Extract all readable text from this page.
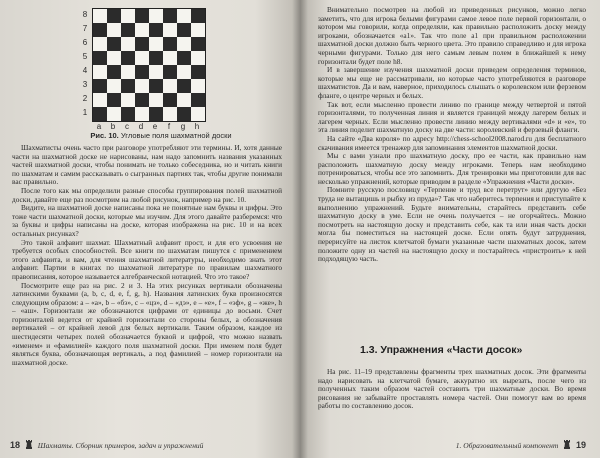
8
7
6
5
4
3
2
1
a	b	c	d	e	f	g	h
Рис. 10. Угловые поля шахматной доски

Шахматисты очень часто при разговоре употребляют эти термины. И, хотя данные части на шахматной доске не нарисованы, нам надо запомнить названия указанных частей шахматной доски, чтобы понимать не только собеседника, но и читать книги по шахматам и самим рассказывать о сыгранных партиях так, чтобы другие понимали вас правильно.

После того как мы определили разные способы группирования полей шахматной доски, давайте еще раз посмотрим на любой рисунок, например на рис. 10.

Видите, на шахматной доске написаны пока не понятные нам буквы и цифры. Это тоже части шахматной доски, которые мы изучим. Для этого давайте разберемся: что за буквы и цифры написаны на доске, которая изображена на рис. 10 и на всех остальных рисунках?

Это такой алфавит шахмат. Шахматный алфавит прост, и для его усвоения не требуется особых способностей. Все книги по шахматам пишутся с применением этого алфавита, и вам, для чтения шахматной литературы, необходимо знать этот алфавит. Партии в книгах по шахматной литературе по правилам шахматного правописания, которое называется алгебраической нотацией. Что это такое?

Посмотрите еще раз на рис. 2 и 3. На этих рисунках вертикали обозначены латинскими буквами (a, b, c, d, e, f, g, h). Названия латинских букв произносятся следующим образом: a – «а», b – «бэ», c – «цэ», d – «дэ», e – «е», f – «эф», g – «же», h – «аш». Горизонтали же обозначаются цифрами от единицы до восьми. Счет горизонталей ведется от крайней горизонтали со стороны белых, а обозначения вертикалей – от крайней левой для белых вертикали. Таким образом, каждое из шестидесяти четырех полей обозначается буквой и цифрой, что можно назвать «именем» и «фамилией» каждого поля шахматной доски. При именем поля будет являться буква, обозначающая вертикаль, а под фамилией – номер горизонтали на шахматной доске.

18 Шахматы. Сборник примеров, задач и упражнений

Внимательно посмотрев на любой из приведенных рисунков, можно легко заметить, что для игрока белыми фигурами самое левое поле первой горизонтали, о котором мы говорили, когда определяли, как правильно расположить доску между игроками, обозначается «a1». Так что поле a1 при правильном расположении шахматной доски должно быть черного цвета. Это правило справедливо и для игрока черными фигурами. Только для него самым левым полем в ближайшей к нему горизонтали будет поле h8.

И в завершение изучения шахматной доски приведем определения терминов, которые мы еще не рассматривали, но которые часто употребляются в разговоре шахматистов. Да и вам, наверное, приходилось слышать о королевском или ферзевом фланге, о центре черных и белых.

Так вот, если мысленно провести линию по границе между четвертой и пятой горизонталями, то полученная линия и является границей между лагерем белых и лагерем черных. Если мысленно провести линию между вертикалями «d» и «e», то эта линия поделит шахматную доску на две части: королевский и ферзевый фланги.

На сайте «Два короля» по адресу http://chess-school2008.narod.ru для бесплатного скачивания имеется тренажер для запоминания элементов шахматной доски.

Мы с вами узнали про шахматную доску, про ее части, как правильно нам расположить шахматную доску между игроками. Теперь нам необходимо потренироваться, чтобы все это запомнить. Для тренировки мы приготовили для вас несколько упражнений, которые приводим в разделе «Упражнения «Части доски».

Помните русскую пословицу «Терпение и труд все перетрут» или другую «Без труда не вытащишь и рыбку из пруда»? Так что наберитесь терпения и приступайте к выполнению упражнений. Будьте внимательны, старайтесь представить себе шахматную доску в уме. Если не очень получается – не огорчайтесь. Можно посмотреть на настоящую доску и представить себе, как та или иная часть доски могла бы поместиться на настоящей доске. Если опять будут затруднения, перерисуйте на листок клетчатой бумаги указанные части шахматных досок, затем положите одну из частей на настоящую доску и постарайтесь «пристроить» к ней подходящую часть.

1.3. Упражнения «Части досок»

На рис. 11–19 представлены фрагменты трех шахматных досок. Эти фрагменты надо нарисовать на клетчатой бумаге, аккуратно их вырезать, после чего из полученных таким образом частей составить три шахматные доски. Во время рисования не забывайте проставлять номера частей. Они помогут вам во время работы по составлению досок.

1. Образовательный компонент 19
